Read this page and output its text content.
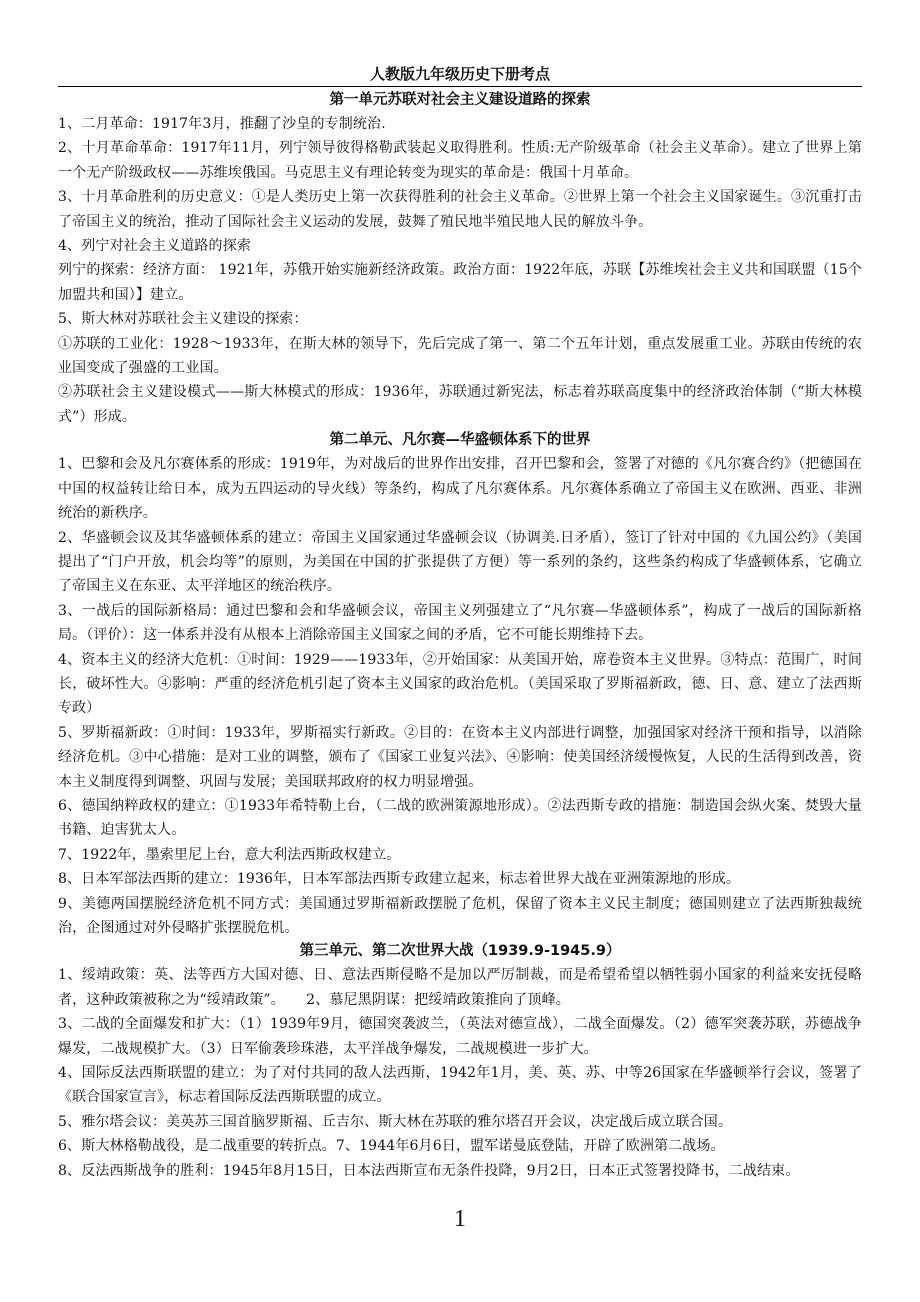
人教版九年级历史下册考点
第一单元苏联对社会主义建设道路的探索

1、二月革命：1917年3月，推翻了沙皇的专制统治.

2、十月革命革命：1917年11月，列宁领导彼得格勒武装起义取得胜利。性质:无产阶级革命（社会主义革命）。建立了世界上第一个无产阶级政权——苏维埃俄国。马克思主义有理论转变为现实的革命是：俄国十月革命。

3、十月革命胜利的历史意义：①是人类历史上第一次获得胜利的社会主义革命。②世界上第一个社会主义国家诞生。③沉重打击了帝国主义的统治，推动了国际社会主义运动的发展，鼓舞了殖民地半殖民地人民的解放斗争。

4、列宁对社会主义道路的探索

列宁的探索：经济方面： 1921年，苏俄开始实施新经济政策。政治方面：1922年底，苏联【苏维埃社会主义共和国联盟（15个加盟共和国）】建立。

5、斯大林对苏联社会主义建设的探索：

①苏联的工业化：1928～1933年，在斯大林的领导下，先后完成了第一、第二个五年计划，重点发展重工业。苏联由传统的农业国变成了强盛的工业国。

②苏联社会主义建设模式——斯大林模式的形成：1936年，苏联通过新宪法，标志着苏联高度集中的经济政治体制（“斯大林模式”）形成。

第二单元、凡尔赛—华盛顿体系下的世界

1、巴黎和会及凡尔赛体系的形成：1919年，为对战后的世界作出安排，召开巴黎和会，签署了对德的《凡尔赛合约》（把德国在中国的权益转让给日本，成为五四运动的导火线）等条约，构成了凡尔赛体系。凡尔赛体系确立了帝国主义在欧洲、西亚、非洲统治的新秩序。

2、华盛顿会议及其华盛顿体系的建立：帝国主义国家通过华盛顿会议（协调美.日矛盾），签订了针对中国的《九国公约》（美国提出了“门户开放，机会均等”的原则，为美国在中国的扩张提供了方便）等一系列的条约，这些条约构成了华盛顿体系，它确立了帝国主义在东亚、太平洋地区的统治秩序。

3、一战后的国际新格局：通过巴黎和会和华盛顿会议，帝国主义列强建立了“凡尔赛—华盛顿体系”，构成了一战后的国际新格局。（评价）：这一体系并没有从根本上消除帝国主义国家之间的矛盾，它不可能长期维持下去。

4、资本主义的经济大危机：①时间：1929——1933年，②开始国家：从美国开始，席卷资本主义世界。③特点：范围广，时间长，破坏性大。④影响：严重的经济危机引起了资本主义国家的政治危机。（美国采取了罗斯福新政，德、日、意、建立了法西斯专政）

5、罗斯福新政：①时间：1933年，罗斯福实行新政。②目的：在资本主义内部进行调整，加强国家对经济干预和指导，以消除经济危机。③中心措施：是对工业的调整，颁布了《国家工业复兴法》、④影响：使美国经济缓慢恢复，人民的生活得到改善，资本主义制度得到调整、巩固与发展；美国联邦政府的权力明显增强。

6、德国纳粹政权的建立：①1933年希特勒上台，（二战的欧洲策源地形成）。②法西斯专政的措施：制造国会纵火案、焚毁大量书籍、迫害犹太人。

7、1922年，墨索里尼上台，意大利法西斯政权建立。

8、日本军部法西斯的建立：1936年，日本军部法西斯专政建立起来，标志着世界大战在亚洲策源地的形成。

9、美德两国摆脱经济危机不同方式：美国通过罗斯福新政摆脱了危机，保留了资本主义民主制度；德国则建立了法西斯独裁统治，企图通过对外侵略扩张摆脱危机。

第三单元、第二次世界大战（1939.9-1945.9）

1、绥靖政策：英、法等西方大国对德、日、意法西斯侵略不是加以严厉制裁，而是希望希望以牺牲弱小国家的利益来安抚侵略者，这种政策被称之为“绥靖政策”。　　2、慕尼黑阴谋：把绥靖政策推向了顶峰。

3、二战的全面爆发和扩大：（1）1939年9月，德国突袭波兰，（英法对德宣战），二战全面爆发。（2）德军突袭苏联，苏德战争爆发，二战规模扩大。（3）日军偷袭珍珠港，太平洋战争爆发，二战规模进一步扩大。

4、国际反法西斯联盟的建立：为了对付共同的敌人法西斯，1942年1月，美、英、苏、中等26国家在华盛顿举行会议，签署了《联合国家宣言》，标志着国际反法西斯联盟的成立。

5、雅尔塔会议：美英苏三国首脑罗斯福、丘吉尔、斯大林在苏联的雅尔塔召开会议，决定战后成立联合国。

6、斯大林格勒战役，是二战重要的转折点。7、1944年6月6日，盟军诺曼底登陆，开辟了欧洲第二战场。

8、反法西斯战争的胜利：1945年8月15日，日本法西斯宣布无条件投降，9月2日，日本正式签署投降书，二战结束。

1
